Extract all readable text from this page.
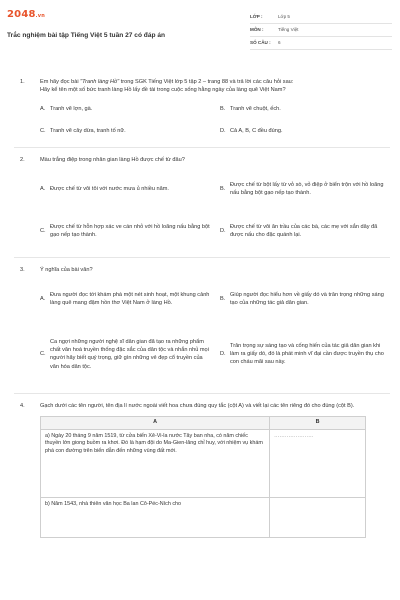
2048.vn
Trắc nghiệm bài tập Tiếng Việt 5 tuần 27 có đáp án
LỚP :	Lớp 5
MÔN :	Tiếng Việt
SỐ CÂU :	6
1.	Em hãy đọc bài "Tranh làng Hồ" trong SGK Tiếng Việt lớp 5 tập 2 – trang 88 và trả lời các câu hỏi sau:
Hãy kể tên một số bức tranh làng Hồ lấy đề tài trong cuộc sống hằng ngày của làng quê Việt Nam?
A. Tranh vẽ lợn, gà.	B. Tranh vẽ chuột, ếch.
C. Tranh vẽ cây dừa, tranh tố nữ.	D. Cả A, B, C đều đúng.
2.	Màu trắng điệp trong nhân gian làng Hồ được chế từ đâu?
A. Được chế từ vôi tôi với nước mưa ủ nhiều năm.	B.
Được chế từ bột lấy từ vỏ sò, vỏ điệp ở biển trộn với hồ loãng nấu bằng bột gạo nếp tạo thành.
C.
Được chế từ hỗn hợp xác ve cán nhỏ với hồ loãng nấu bằng bột gạo nếp tạo thành.
D.
Được chế từ vôi ăn trầu của các bà, các mẹ với sắn dây đã được nấu cho đặc quánh lại.
3.	Ý nghĩa của bài văn?
A.
Đưa người đọc tới khám phá một nét sinh hoạt, một khung cảnh làng quê mang đậm hồn thơ Việt Nam ở làng Hồ.
B.
Giúp người đọc hiểu hơn về giấy dó và trân trọng những sáng tạo của những tác giả dân gian.
C.
Ca ngợi những người nghệ sĩ dân gian đã tạo ra những phẩm chất văn hoá truyền thống đặc sắc của dân tộc và nhắn nhủ mọi người hãy biết quý trọng, giữ gìn những vẻ đẹp cổ truyền của văn hóa dân tộc.
D.
Trân trọng sự sáng tạo và cống hiến của tác giả dân gian khi làm ra giấy dó, đó là phát minh vĩ đại cần được truyền thụ cho con cháu mãi sau này.
4.	Gạch dưới các tên người, tên địa lí nước ngoài viết hoa chưa đúng quy tắc (cột A) và viết lại các tên riêng đó cho đúng (cột B).
A	B
a) Ngày 20 tháng 9 năm 1519, từ cửa biển Xê-Vi-la nước Tây ban nha, có năm chiếc thuyền lớn giong buồm ra khơi. Đó là hạm đội do Ma-Gien-lăng chỉ huy, với nhiệm vụ khám phá con đường trên biển dẫn đến những vùng đất mới.	......................
b) Năm 1543, nhà thiên văn học Ba lan Cô-Péc-Ních cho	
